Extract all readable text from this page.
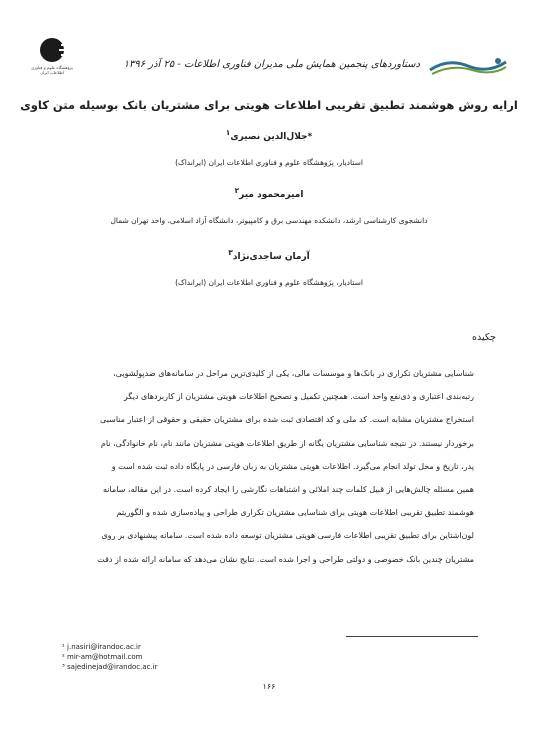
پژوهشگاه علوم و فناوری اطلاعات ایران
دستاوردهای پنجمین همایش ملی مدیران فناوری اطلاعات - ۲۵ آذر ۱۳۹۶
ارایه روش هوشمند تطبیق تقریبی اطلاعات هویتی برای مشتریان بانک بوسیله متن کاوی
*جلال‌الدین نصیری$^۱$
استادیار، پژوهشگاه علوم و فناوری اطلاعات ایران (ایرانداک)
امیرمحمود میر$^۲$
دانشجوی کارشناسی ارشد، دانشکده مهندسی برق و کامپیوتر، دانشگاه آزاد اسلامی، واحد تهران شمال
آرمان ساجدی‌نژاد$^۳$
استادیار، پژوهشگاه علوم و فناوری اطلاعات ایران (ایرانداک)
چکیده
شناسایی مشتریان تکراری در بانک‌ها و موسسات مالی، یکی از کلیدی‌ترین مراحل در سامانه‌های ضدپولشویی،
رتبه‌بندی اعتباری و ذی‌نفع واحد است. همچنین تکمیل و تصحیح اطلاعات هویتی مشتریان از کاربردهای دیگر
استخراج مشتریان مشابه است. کد ملی و کد اقتصادی ثبت شده برای مشتریان حقیقی و حقوقی از اعتبار مناسبی
برخوردار نیستند. در نتیجه شناسایی مشتریان یگانه از طریق اطلاعات هویتی مشتریان مانند نام، نام خانوادگی، نام
پدر، تاریخ و محل تولد انجام می‌گیرد. اطلاعات هویتی مشتریان به زبان فارسی در پایگاه داده ثبت شده است و
همین مسئله چالش‌هایی از قبیل کلمات چند املائی و اشتباهات نگارشی را ایجاد کرده است. در این مقاله، سامانه
هوشمند تطبیق تقریبی اطلاعات هویتی برای شناسایی مشتریان تکراری طراحی و پیاده‌سازی شده و الگوریتم
لون‌اشتاین برای تطبیق تقریبی اطلاعات فارسی هویتی مشتریان توسعه داده شده است. سامانه پیشنهادی بر روی
مشتریان چندین بانک خصوصی و دولتی طراحی و اجرا شده است. نتایج نشان می‌دهد که سامانه ارائه شده از دقت
¹ j.nasiri@irandoc.ac.ir
² mir-am@hotmail.com
³ sajedinejad@irandoc.ac.ir
۱۶۶
